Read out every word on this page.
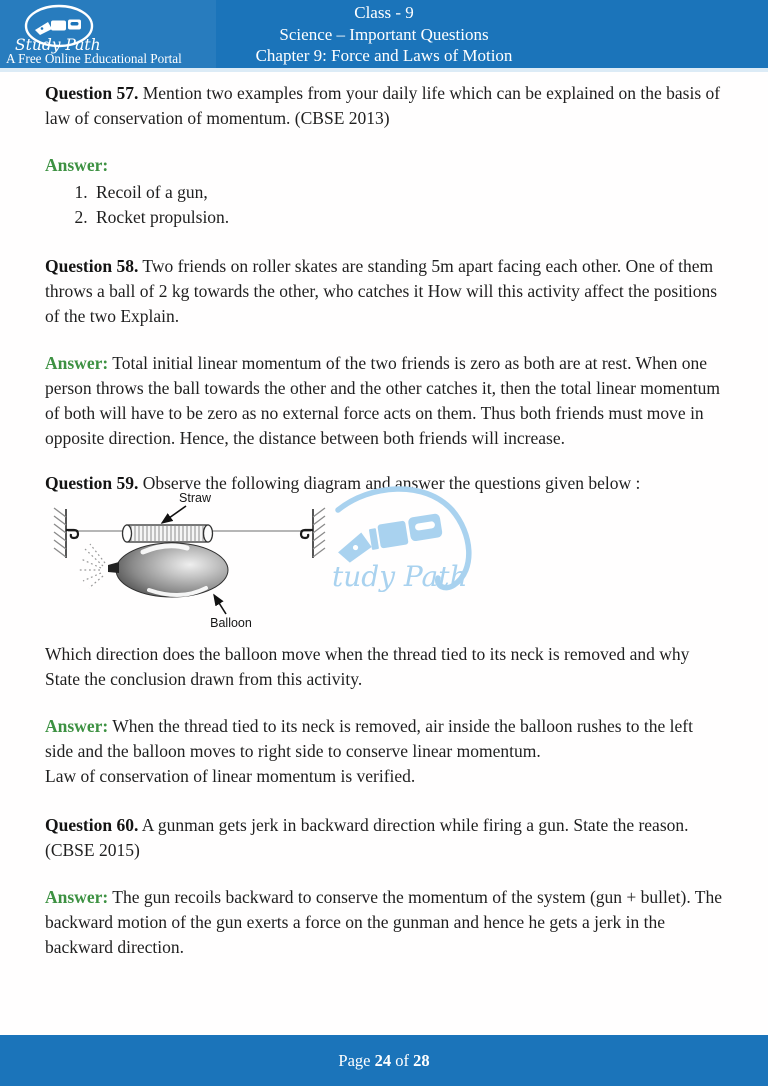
Study Path
A Free Online Educational Portal
Class - 9
Science – Important Questions
Chapter 9: Force and Laws of Motion

Question 57. Mention two examples from your daily life which can be explained on the basis of law of conservation of momentum. (CBSE 2013)

Answer:

1. Recoil of a gun,
2. Rocket propulsion.

Question 58. Two friends on roller skates are standing 5m apart facing each other. One of them throws a ball of 2 kg towards the other, who catches it How will this activity affect the positions of the two Explain.

Answer: Total initial linear momentum of the two friends is zero as both are at rest. When one person throws the ball towards the other and the other catches it, then the total linear momentum of both will have to be zero as no external force acts on them. Thus both friends must move in opposite direction. Hence, the distance between both friends will increase.

Question 59. Observe the following diagram and answer the questions given below :

Straw
Balloon
tudy Path

Which direction does the balloon move when the thread tied to its neck is removed and why

State the conclusion drawn from this activity.

Answer: When the thread tied to its neck is removed, air inside the balloon rushes to the left side and the balloon moves to right side to conserve linear momentum.

Law of conservation of linear momentum is verified.

Question 60. A gunman gets jerk in backward direction while firing a gun. State the reason. (CBSE 2015)

Answer: The gun recoils backward to conserve the momentum of the system (gun + bullet). The backward motion of the gun exerts a force on the gunman and hence he gets a jerk in the backward direction.

Page 24 of 28
